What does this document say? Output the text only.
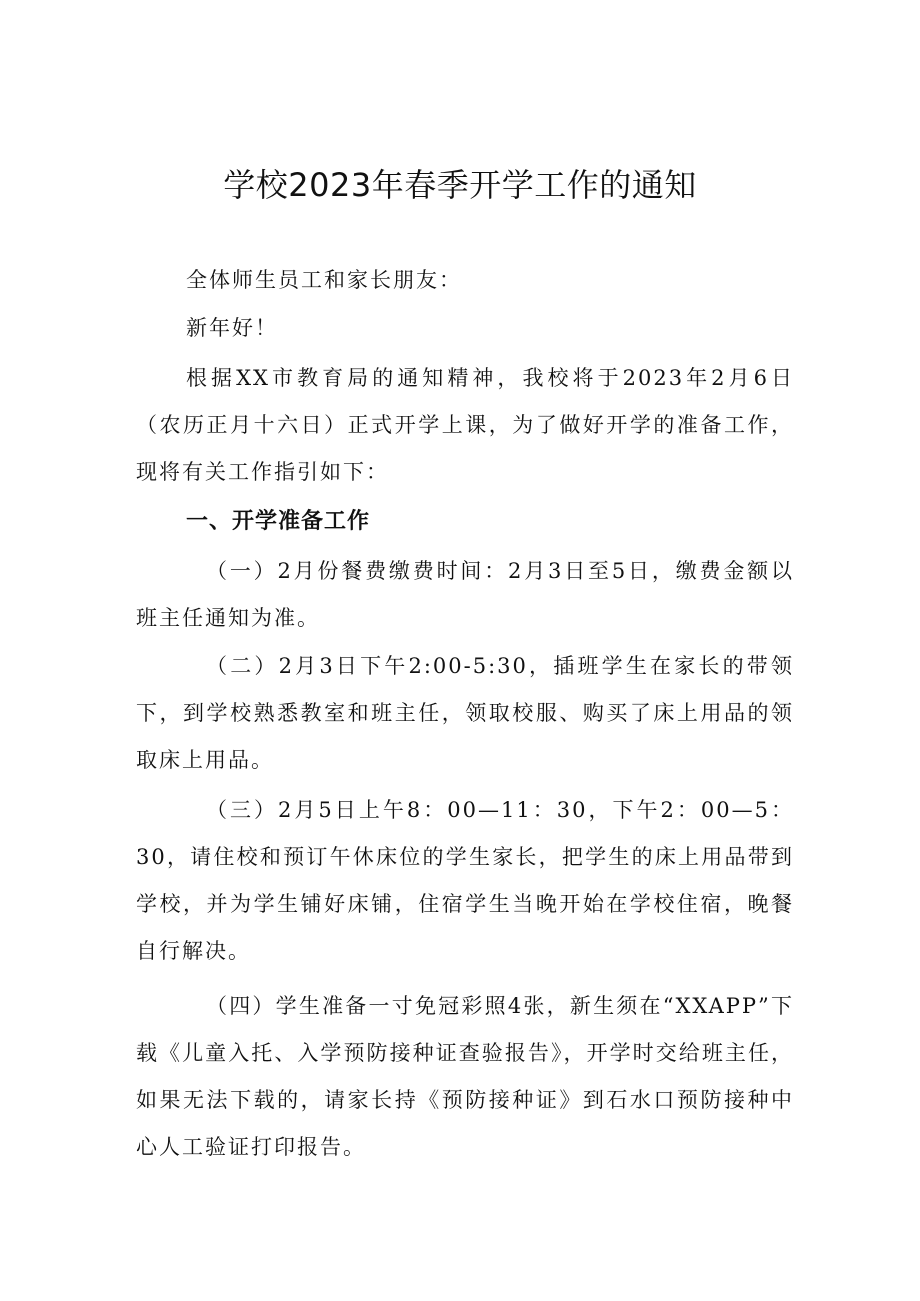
学校2023年春季开学工作的通知

全体师生员工和家长朋友：

新年好！

根据XX市教育局的通知精神，我校将于2023年2月6日（农历正月十六日）正式开学上课，为了做好开学的准备工作，现将有关工作指引如下：

一、开学准备工作

（一）2月份餐费缴费时间：2月3日至5日，缴费金额以班主任通知为准。

（二）2月3日下午2:00-5:30，插班学生在家长的带领下，到学校熟悉教室和班主任，领取校服、购买了床上用品的领取床上用品。

（三）2月5日上午8：00—11：30，下午2：00—5：30，请住校和预订午休床位的学生家长，把学生的床上用品带到学校，并为学生铺好床铺，住宿学生当晚开始在学校住宿，晚餐自行解决。

（四）学生准备一寸免冠彩照4张，新生须在“XXAPP”下载《儿童入托、入学预防接种证查验报告》，开学时交给班主任，如果无法下载的，请家长持《预防接种证》到石水口预防接种中心人工验证打印报告。
